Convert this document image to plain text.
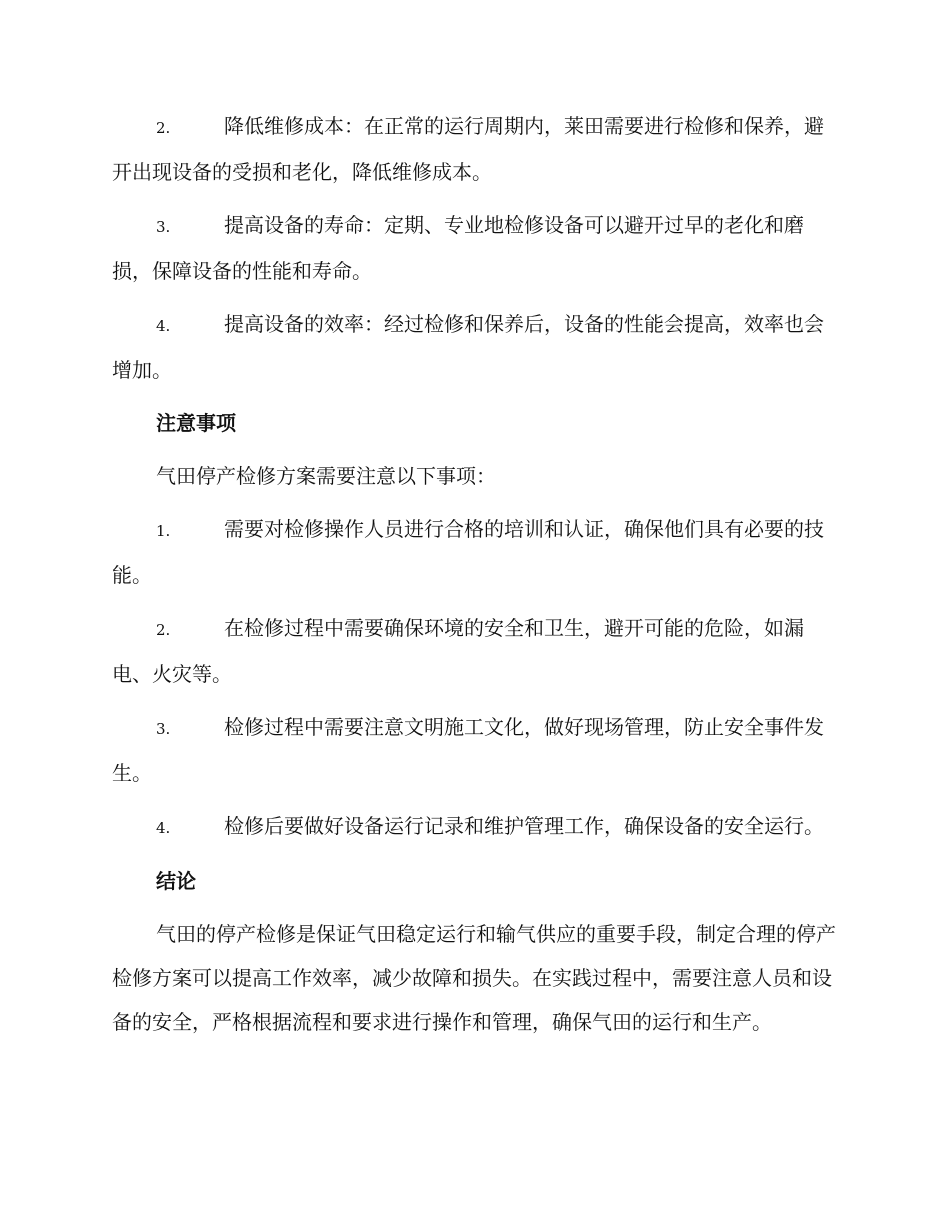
2.	降低维修成本：在正常的运行周期内，莱田需要进行检修和保养，避开出现设备的受损和老化，降低维修成本。

3.	提高设备的寿命：定期、专业地检修设备可以避开过早的老化和磨损，保障设备的性能和寿命。

4.	提高设备的效率：经过检修和保养后，设备的性能会提高，效率也会增加。

注意事项

气田停产检修方案需要注意以下事项：

1.	需要对检修操作人员进行合格的培训和认证，确保他们具有必要的技能。

2.	在检修过程中需要确保环境的安全和卫生，避开可能的危险，如漏电、火灾等。

3.	检修过程中需要注意文明施工文化，做好现场管理，防止安全事件发生。

4.	检修后要做好设备运行记录和维护管理工作，确保设备的安全运行。

结论

气田的停产检修是保证气田稳定运行和输气供应的重要手段，制定合理的停产检修方案可以提高工作效率，减少故障和损失。在实践过程中，需要注意人员和设备的安全，严格根据流程和要求进行操作和管理，确保气田的运行和生产。
